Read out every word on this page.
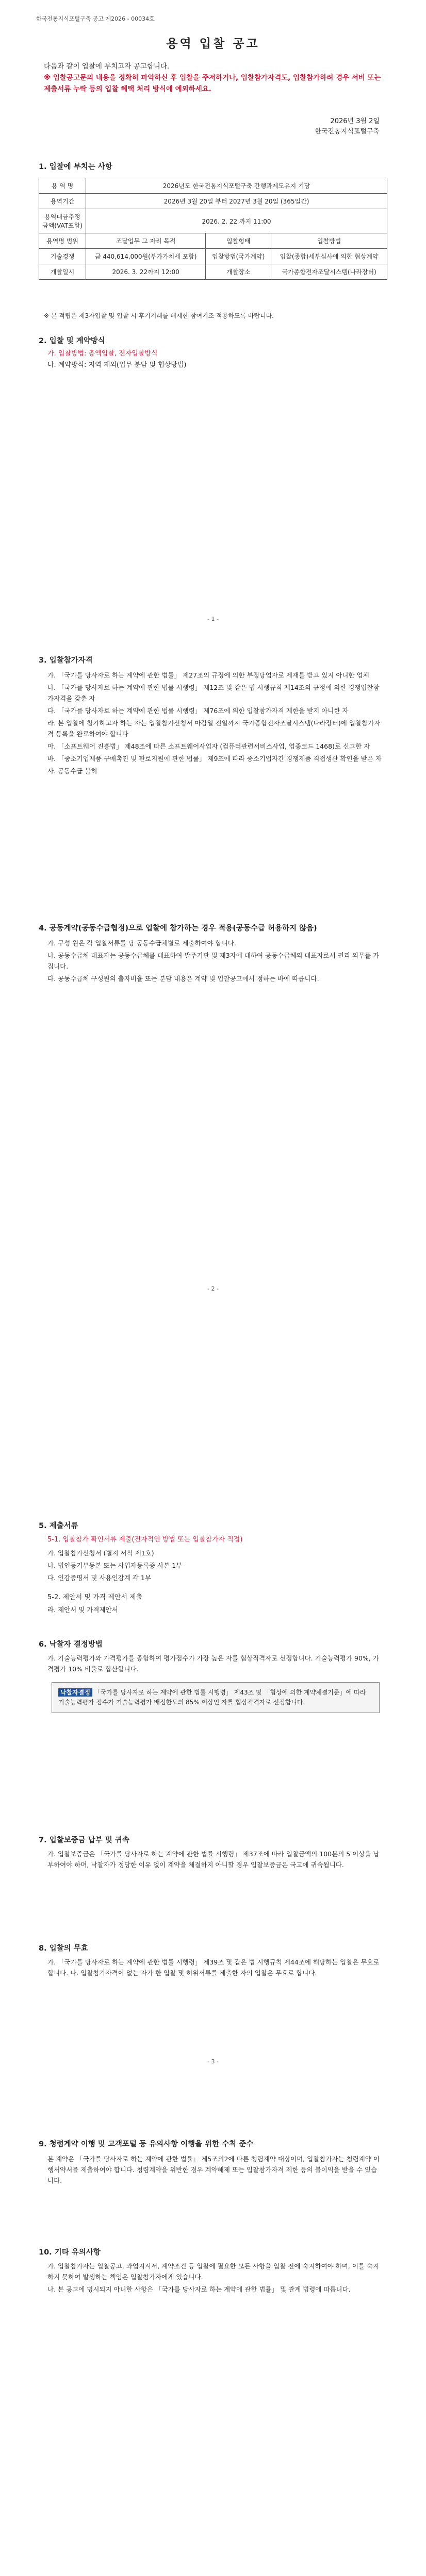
한국전통지식포털구축 공고 제2026 - 00034호
용역 입찰 공고
다음과 같이 입찰에 부치고자 공고합니다.
※ 입찰공고문의 내용을 정확히 파악하신 후 입찰을 주저하거나, 입찰참가자격도, 입찰참가하려 경우 서비 또는 제출서류 누락 등의 입찰 헤택 처리 방식에 예외하세요.
2026년 3월 2일
한국전통지식포털구축
1. 입찰에 부치는 사항
용 역 명	2026년도 한국전통지식포털구축 간행과제도유지 기당		
용역기간	2026년 3월 20일 부터 2027년 3월 20일 (365일간)		
용역대금추정금액(VAT포함)	2026. 2. 22 까지 11:00		
용역명 범위	조달업무 그 자리 목적	입찰형태	입찰방법
기술경쟁	금 440,614,000원(부가가치세 포함)	입찰방법(국가계약)	입찰(종합)세부심사에 의한 협상계약
개찰일시	2026. 3. 22까지 12:00	개찰장소	국가종합전자조달시스템(나라장터)
※ 본 적립은 제3자입찰 및 입찰 시 후기거래를 배제한 참여기조 적용하도록 바랍니다.
2. 입찰 및 계약방식
가. 입찰방법: 총액입찰, 전자입찰방식
나. 계약방식: 지역 제외(업무 분담 및 협상방법)
- 1 -
3. 입찰참가자격

가. 「국가를 당사자로 하는 계약에 관한 법률」 제27조의 규정에 의한 부정당업자로 제재를 받고 있지 아니한 업체

나. 「국가를 당사자로 하는 계약에 관한 법률 시행령」 제12조 및 같은 법 시행규칙 제14조의 규정에 의한 경쟁입찰참가자격을 갖춘 자

다. 「국가를 당사자로 하는 계약에 관한 법률 시행령」 제76조에 의한 입찰참가자격 제한을 받지 아니한 자

라. 본 입찰에 참가하고자 하는 자는 입찰참가신청서 마감일 전일까지 국가종합전자조달시스템(나라장터)에 입찰참가자격 등록을 완료하여야 합니다

마. 「소프트웨어 진흥법」 제48조에 따른 소프트웨어사업자 (컴퓨터관련서비스사업, 업종코드 1468)로 신고한 자

바. 「중소기업제품 구매촉진 및 판로지원에 관한 법률」 제9조에 따라 중소기업자간 경쟁제품 직접생산 확인을 받은 자

사. 공동수급 불허

4. 공동계약(공동수급협정)으로 입찰에 참가하는 경우 적용(공동수급 허용하지 않음)

가. 구성 원은 각 입찰서류를 당 공동수급체별로 제출하여야 합니다.

나. 공동수급체 대표자는 공동수급체를 대표하여 발주기관 및 제3자에 대하여 공동수급체의 대표자로서 권리 의무를 가집니다.

다. 공동수급체 구성원의 출자비율 또는 분담 내용은 계약 및 입찰공고에서 정하는 바에 따릅니다.

- 2 -
5. 제출서류
5-1. 입찰참가 확인서류 제출(전자적인 방법 또는 입찰참가자 직접)

가. 입찰참가신청서 (별지 서식 제1호)

나. 법인등기부등본 또는 사업자등록증 사본 1부

다. 인감증명서 및 사용인감계 각 1부

5-2. 제안서 및 가격 제안서 제출

라. 제안서 및 가격제안서

6. 낙찰자 결정방법
가. 기술능력평가와 가격평가를 종합하여 평가점수가 가장 높은 자를 협상적격자로 선정합니다. 기술능력평가 90%, 가격평가 10% 비율로 합산합니다.
낙찰자결정 「국가를 당사자로 하는 계약에 관한 법률 시행령」 제43조 및 「협상에 의한 계약체결기준」에 따라 기술능력평가 점수가 기술능력평가 배점한도의 85% 이상인 자를 협상적격자로 선정합니다.
7. 입찰보증금 납부 및 귀속
가. 입찰보증금은 「국가를 당사자로 하는 계약에 관한 법률 시행령」 제37조에 따라 입찰금액의 100분의 5 이상을 납부하여야 하며, 낙찰자가 정당한 이유 없이 계약을 체결하지 아니할 경우 입찰보증금은 국고에 귀속됩니다.
8. 입찰의 무효
가. 「국가를 당사자로 하는 계약에 관한 법률 시행령」 제39조 및 같은 법 시행규칙 제44조에 해당하는 입찰은 무효로 합니다. 나. 입찰참가자격이 없는 자가 한 입찰 및 허위서류를 제출한 자의 입찰은 무효로 합니다.
- 3 -
9. 청렴계약 이행 및 고객포털 등 유의사항 이행을 위한 수칙 준수
본 계약은 「국가를 당사자로 하는 계약에 관한 법률」 제5조의2에 따른 청렴계약 대상이며, 입찰참가자는 청렴계약 이행서약서를 제출하여야 합니다. 청렴계약을 위반한 경우 계약해제 또는 입찰참가자격 제한 등의 불이익을 받을 수 있습니다.
10. 기타 유의사항

가. 입찰참가자는 입찰공고, 과업지시서, 계약조건 등 입찰에 필요한 모든 사항을 입찰 전에 숙지하여야 하며, 이를 숙지하지 못하여 발생하는 책임은 입찰참가자에게 있습니다.

나. 본 공고에 명시되지 아니한 사항은 「국가를 당사자로 하는 계약에 관한 법률」 및 관계 법령에 따릅니다.
